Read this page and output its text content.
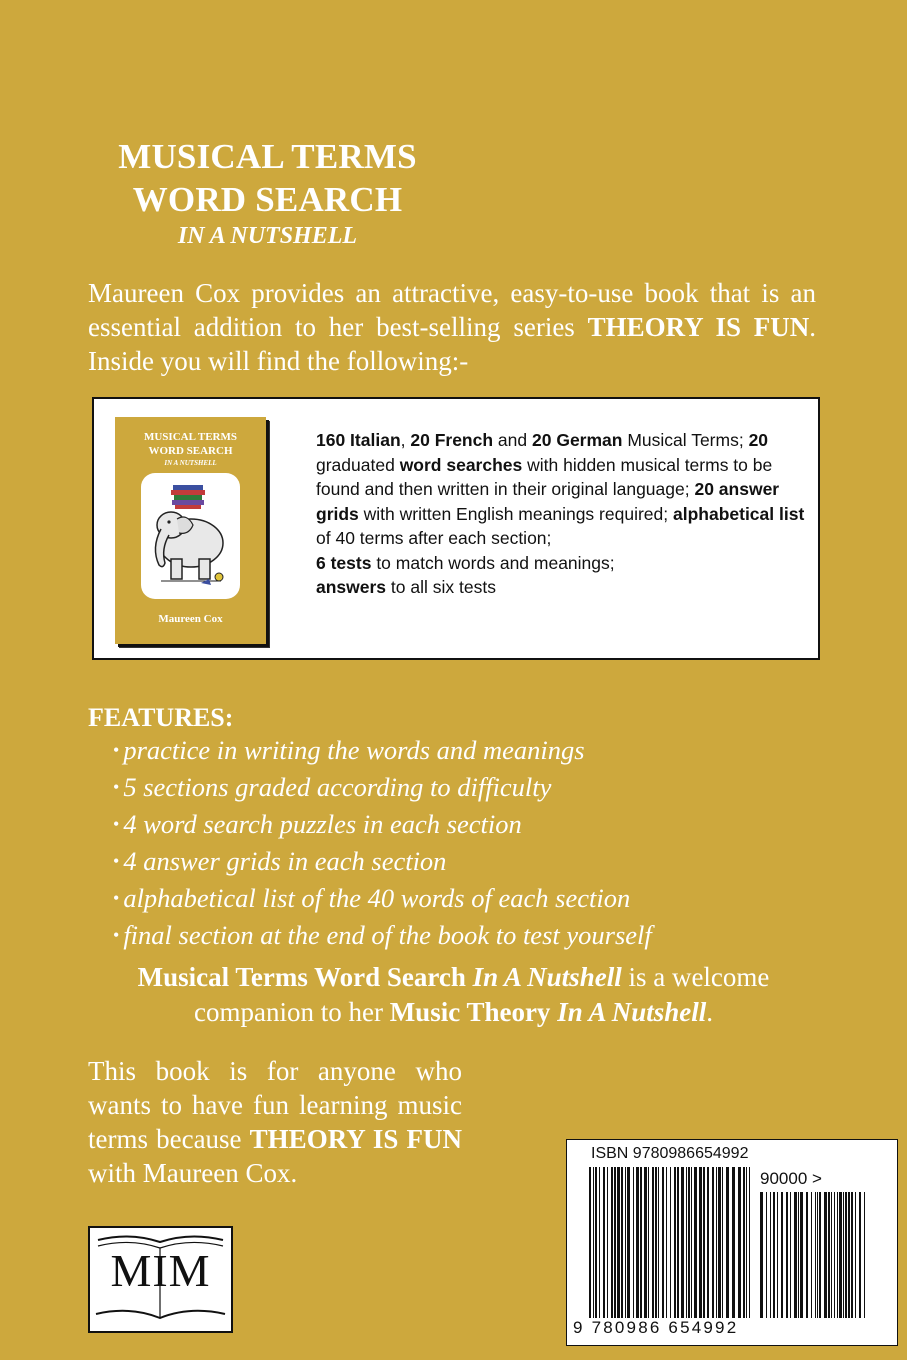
MUSICAL TERMS
WORD SEARCH
IN A NUTSHELL
Maureen Cox provides an attractive, easy-to-use book that is an essential addition to her best-selling series THEORY IS FUN. Inside you will find the following:-
MUSICAL TERMS
WORD SEARCH
IN A NUTSHELL
Maureen Cox
160 Italian, 20 French and 20 German Musical Terms; 20 graduated word searches with hidden musical terms to be found and then written in their original language; 20 answer grids with written English meanings required; alphabetical list of 40 terms after each section;
6 tests to match words and meanings;
answers to all six tests
FEATURES:
• practice in writing the words and meanings
• 5 sections graded according to difficulty
• 4 word search puzzles in each section
• 4 answer grids in each section
• alphabetical list of the 40 words of each section
• final section at the end of the book to test yourself
Musical Terms Word Search In A Nutshell is a welcome
companion to her Music Theory In A Nutshell.
This book is for anyone who wants to have fun learning music terms because THEORY IS FUN with Maureen Cox.
MIM
ISBN 9780986654992
90000 >
9 780986 654992
